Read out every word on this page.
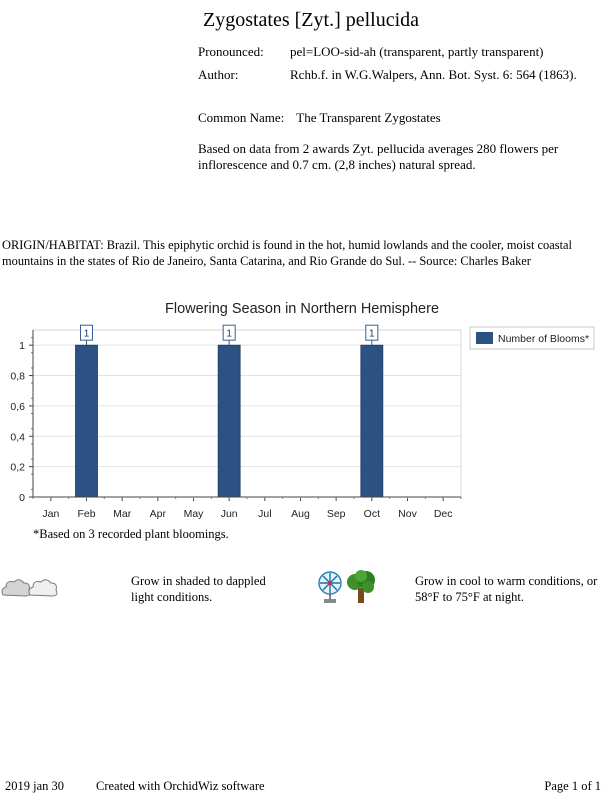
Zygostates [Zyt.] pellucida
Pronounced: pel=LOO-sid-ah (transparent, partly transparent)
Author:	Rchb.f. in W.G.Walpers, Ann. Bot. Syst. 6: 564 (1863).
Common Name: The Transparent Zygostates
Based on data from 2 awards Zyt. pellucida averages 280 flowers per inflorescence and 0.7 cm. (2,8 inches) natural spread.
ORIGIN/HABITAT: Brazil. This epiphytic orchid is found in the hot, humid lowlands and the cooler, moist coastal mountains in the states of Rio de Janeiro, Santa Catarina, and Rio Grande do Sul. -- Source: Charles Baker
Flowering Season in Northern Hemisphere
0
0,2
0,4
0,6
0,8
1
Jan Feb Mar Apr May Jun Jul Aug Sep Oct Nov Dec
1	1	1	Number of Blooms*
*Based on 3 recorded plant bloomings.
Grow in shaded to dappled light conditions.
Grow in cool to warm conditions, or 58°F to 75°F at night.
2019 jan 30	Created with OrchidWiz software	Page 1 of 1
